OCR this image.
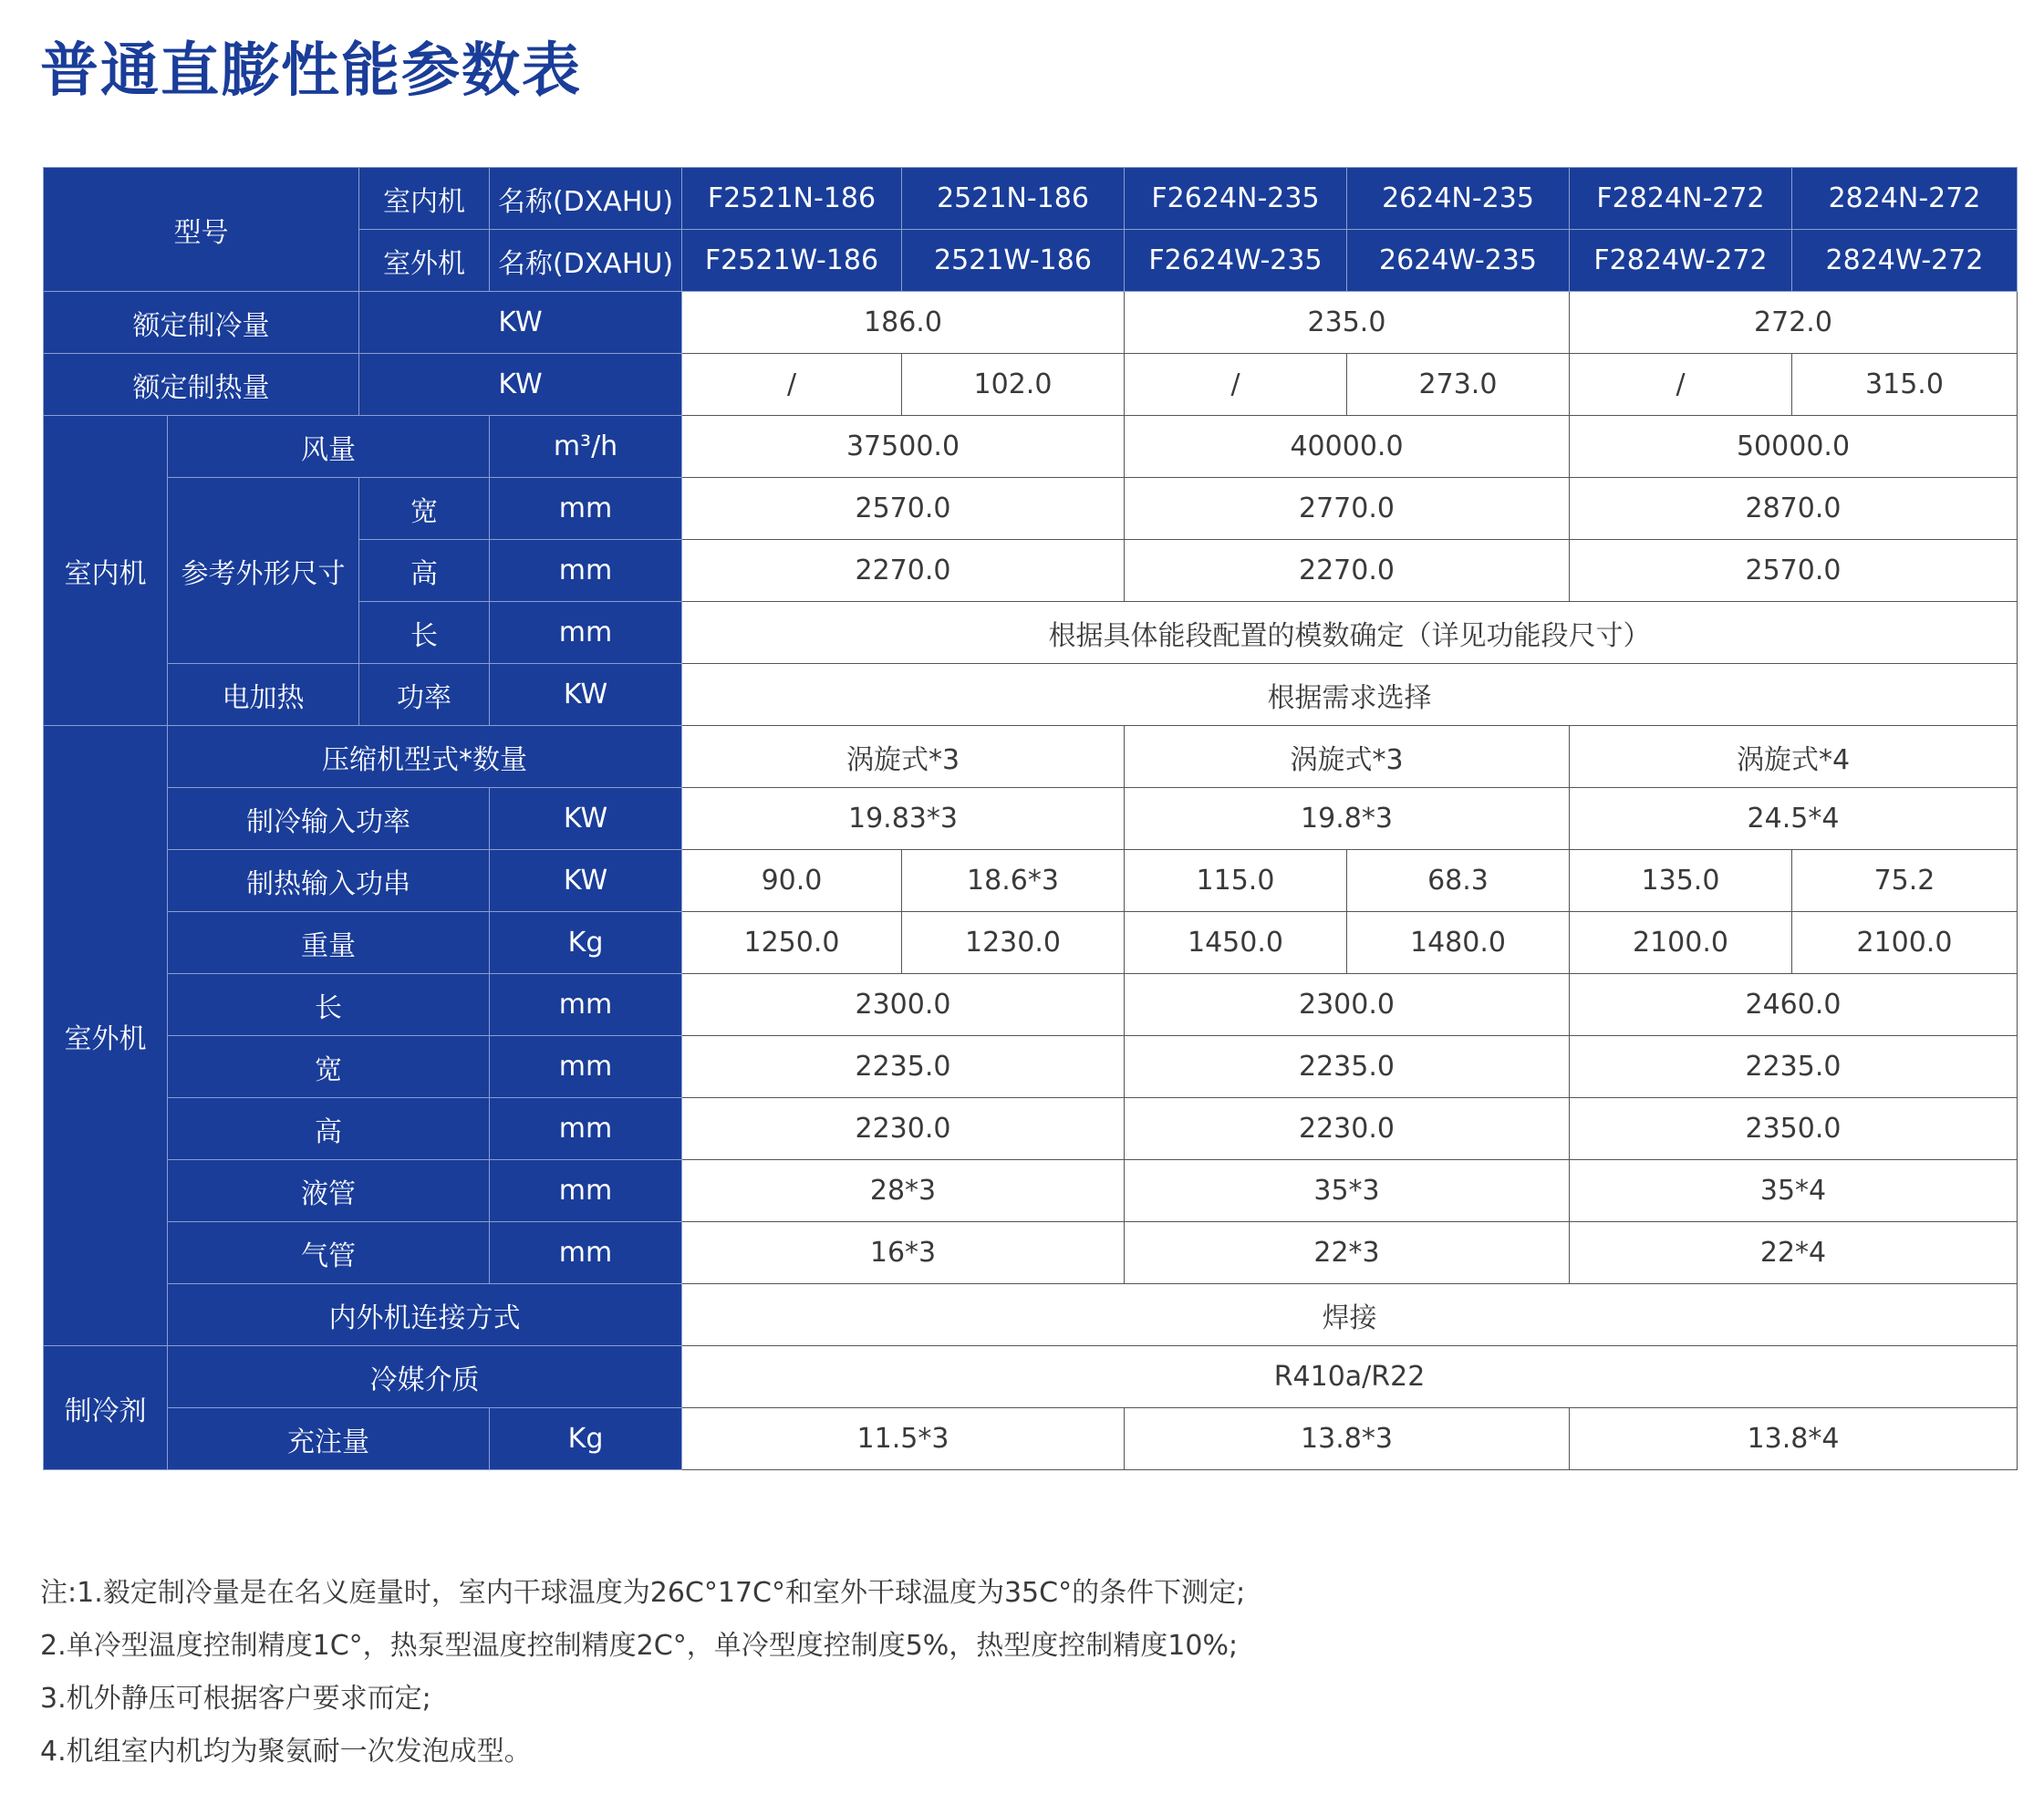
普通直膨性能参数表
型号		室内机	名称(DXAHU)	F2521N-186	2521N-186	F2624N-235	2624N-235	F2824N-272	2824N-272
		室外机	名称(DXAHU)	F2521W-186	2521W-186	F2624W-235	2624W-235	F2824W-272	2824W-272
额定制冷量		KW		186.0		235.0		272.0	
额定制热量		KW		/	102.0	/	273.0	/	315.0
室内机	风量		m³/h	37500.0		40000.0		50000.0	
	参考外形尺寸	宽	mm	2570.0		2770.0		2870.0	
		高	mm	2270.0		2270.0		2570.0	
		长	mm	根据具体能段配置的模数确定（详见功能段尺寸）					
	电加热	功率	KW	根据需求选择					
室外机	压缩机型式*数量			涡旋式*3		涡旋式*3		涡旋式*4	
	制冷输入功率		KW	19.83*3		19.8*3		24.5*4	
	制热输入功串		KW	90.0	18.6*3	115.0	68.3	135.0	75.2
	重量		Kg	1250.0	1230.0	1450.0	1480.0	2100.0	2100.0
	长		mm	2300.0		2300.0		2460.0	
	宽		mm	2235.0		2235.0		2235.0	
	高		mm	2230.0		2230.0		2350.0	
	液管		mm	28*3		35*3		35*4	
	气管		mm	16*3		22*3		22*4	
	内外机连接方式			焊接					
制冷剂	冷媒介质			R410a/R22					
	充注量		Kg	11.5*3		13.8*3		13.8*4	
注:1.毅定制冷量是在名义庭量时，室内干球温度为26C°17C°和室外干球温度为35C°的条件下测定;
2.单冷型温度控制精度1C°，热泵型温度控制精度2C°，单冷型度控制度5%，热型度控制精度10%;
3.机外静压可根据客户要求而定;
4.机组室内机均为聚氨耐一次发泡成型。
